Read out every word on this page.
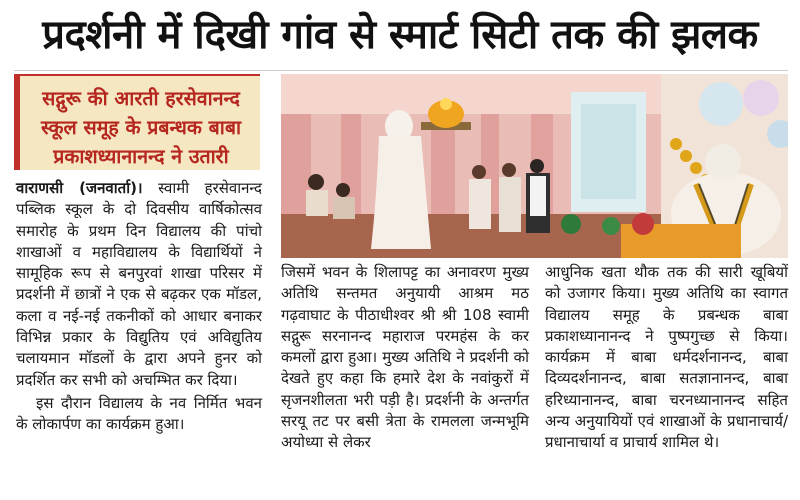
प्रदर्शनी में दिखी गांव से स्मार्ट सिटी तक की झलक
सद्गुरू की आरती हरसेवानन्द स्कूल समूह के प्रबन्धक बाबा प्रकाशध्यानानन्द ने उतारी

वाराणसी (जनवार्ता)। स्वामी हरसेवानन्द पब्लिक स्कूल के दो दिवसीय वार्षिकोत्सव समारोह के प्रथम दिन विद्यालय की पांचो शाखाओं व महाविद्यालय के विद्यार्थियों ने सामूहिक रूप से बनपुरवां शाखा परिसर में प्रदर्शनी में छात्रों ने एक से बढ़कर एक मॉडल, कला व नई-नई तकनीकों को आधार बनाकर विभिन्न प्रकार के विद्युतिय एवं अविद्युतिय चलायमान मॉडलों के द्वारा अपने हुनर को प्रदर्शित कर सभी को अचम्भित कर दिया।

इस दौरान विद्यालय के नव निर्मित भवन के लोकार्पण का कार्यक्रम हुआ।

जिसमें भवन के शिलापट्ट का अनावरण मुख्य अतिथि सन्तमत अनुयायी आश्रम मठ गढ़वाघाट के पीठाधीश्वर श्री श्री 108 स्वामी सद्गुरू सरनानन्द महाराज परमहंस के कर कमलों द्वारा हुआ। मुख्य अतिथि ने प्रदर्शनी को देखते हुए कहा कि हमारे देश के नवांकुरों में सृजनशीलता भरी पड़ी है। प्रदर्शनी के अन्तर्गत सरयू तट पर बसी त्रेता के रामलला जन्मभूमि अयोध्या से लेकर

आधुनिक खता थौक तक की सारी खूबियों को उजागर किया। मुख्य अतिथि का स्वागत विद्यालय समूह के प्रबन्धक बाबा प्रकाशध्यानानन्द ने पुष्पगुच्छ से किया। कार्यक्रम में बाबा धर्मदर्शनानन्द, बाबा दिव्यदर्शनानन्द, बाबा सतज्ञानानन्द, बाबा हरिध्यानानन्द, बाबा चरनध्यानानन्द सहित अन्य अनुयायियों एवं शाखाओं के प्रधानाचार्य/प्रधानाचार्या व प्राचार्य शामिल थे।
